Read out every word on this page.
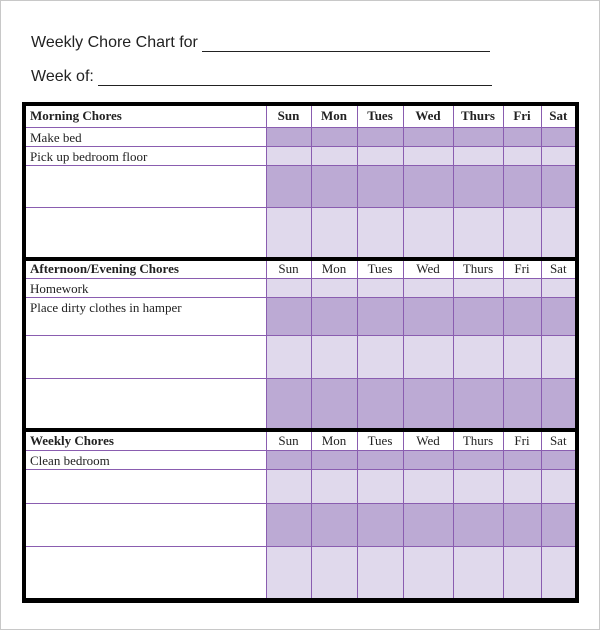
Weekly Chore Chart for
Week of:
Morning Chores	Sun	Mon	Tues	Wed	Thurs	Fri	Sat
Make bed							
Pick up bedroom floor							

Afternoon/Evening Chores	Sun	Mon	Tues	Wed	Thurs	Fri	Sat
Homework							
Place dirty clothes in hamper							

Weekly Chores	Sun	Mon	Tues	Wed	Thurs	Fri	Sat
Clean bedroom							
